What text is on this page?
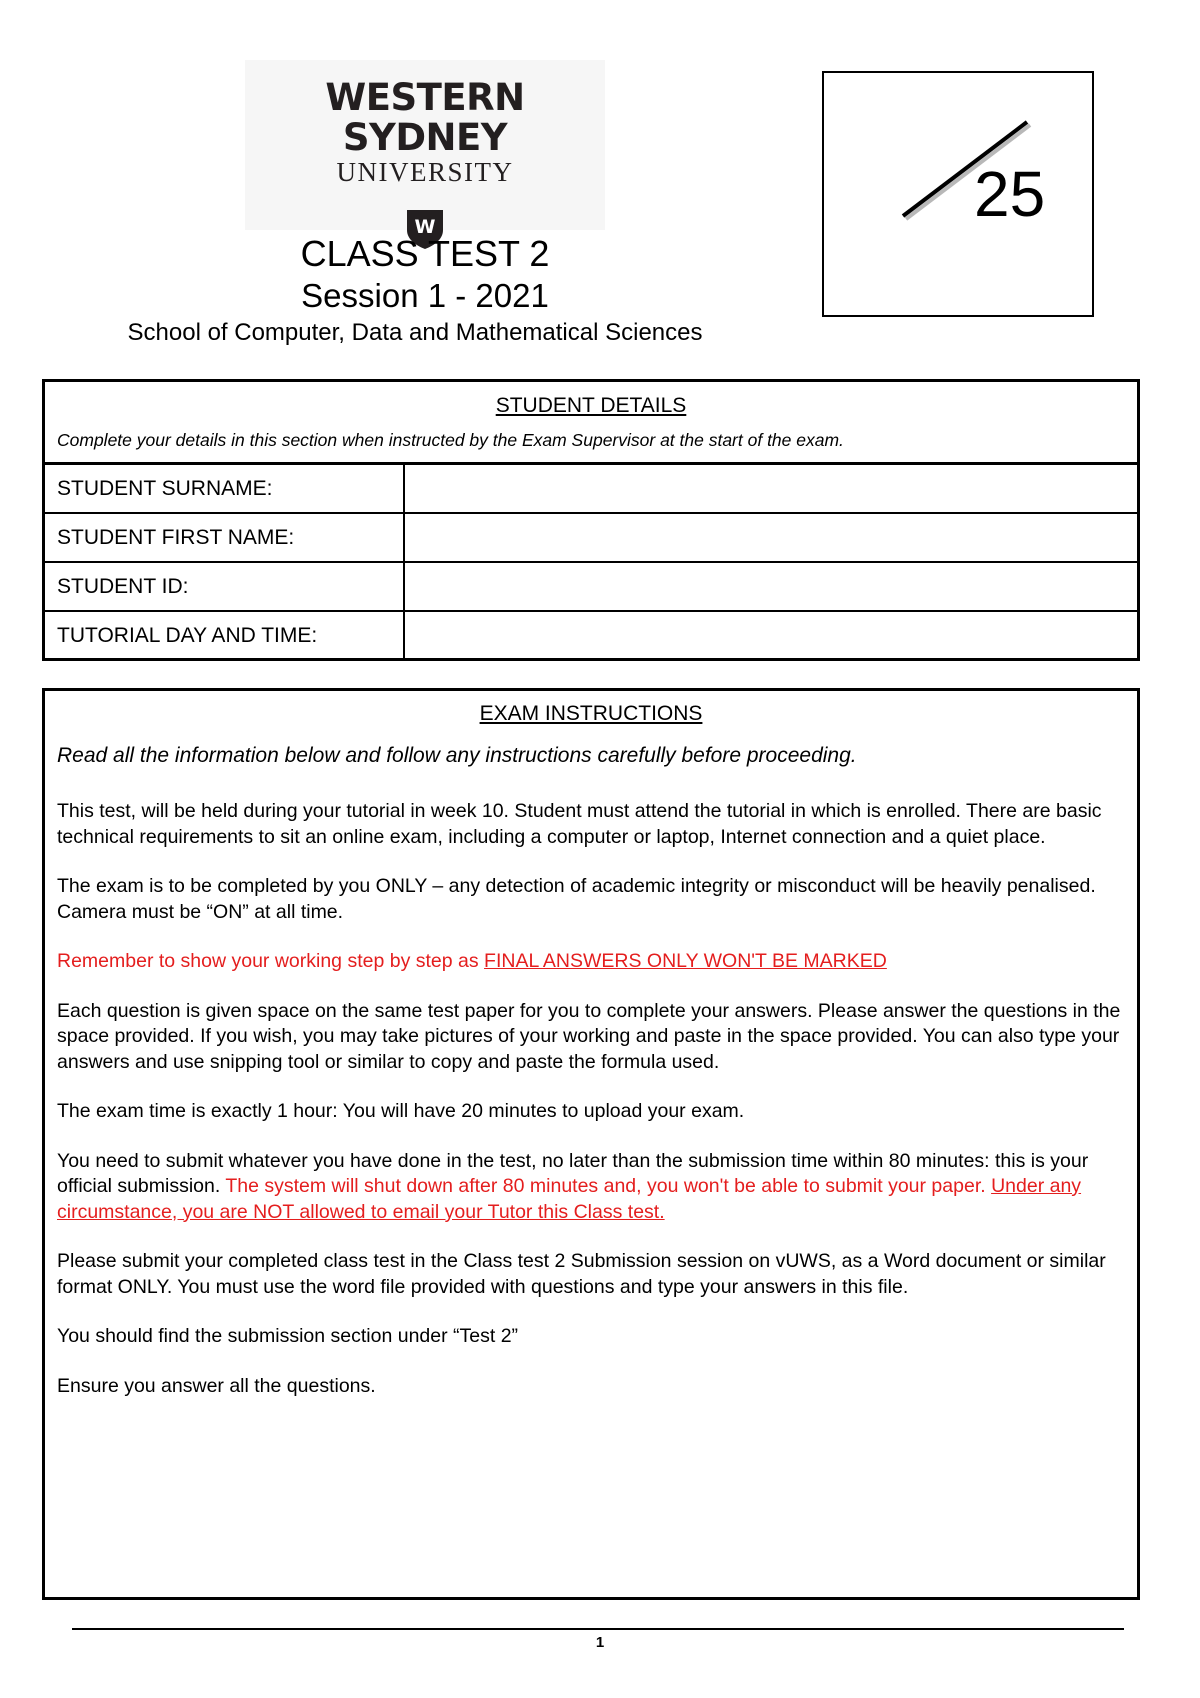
WESTERN SYDNEY
UNIVERSITY
W
CLASS TEST 2
Session 1 - 2021
School of Computer, Data and Mathematical Sciences
25
STUDENT DETAILS
Complete your details in this section when instructed by the Exam Supervisor at the start of the exam.
STUDENT SURNAME:
STUDENT FIRST NAME:
STUDENT ID:
TUTORIAL DAY AND TIME:
EXAM INSTRUCTIONS
Read all the information below and follow any instructions carefully before proceeding.

This test, will be held during your tutorial in week 10. Student must attend the tutorial in which is enrolled. There are basic technical requirements to sit an online exam, including a computer or laptop, Internet connection and a quiet place.

The exam is to be completed by you ONLY – any detection of academic integrity or misconduct will be heavily penalised. Camera must be “ON” at all time.

Remember to show your working step by step as FINAL ANSWERS ONLY WON'T BE MARKED

Each question is given space on the same test paper for you to complete your answers. Please answer the questions in the space provided. If you wish, you may take pictures of your working and paste in the space provided. You can also type your answers and use snipping tool or similar to copy and paste the formula used.

The exam time is exactly 1 hour: You will have 20 minutes to upload your exam.

You need to submit whatever you have done in the test, no later than the submission time within 80 minutes: this is your official submission. The system will shut down after 80 minutes and, you won't be able to submit your paper. Under any circumstance, you are NOT allowed to email your Tutor this Class test.

Please submit your completed class test in the Class test 2 Submission session on vUWS, as a Word document or similar format ONLY. You must use the word file provided with questions and type your answers in this file.

You should find the submission section under “Test 2”

Ensure you answer all the questions.

1
